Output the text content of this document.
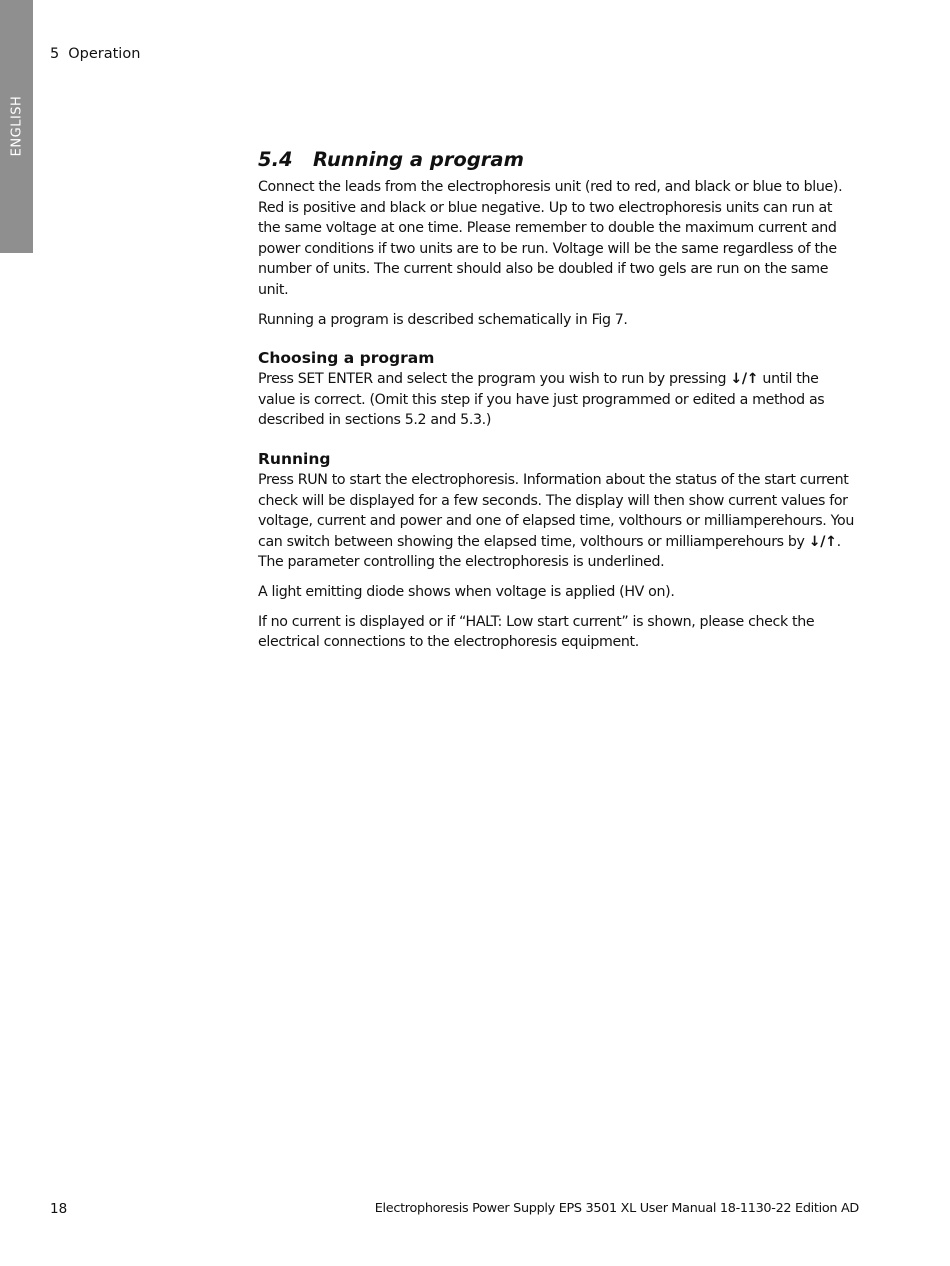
ENGLISH
5 Operation
5.4 Running a program

Connect the leads from the electrophoresis unit (red to red, and black or blue to blue). Red is positive and black or blue negative. Up to two electrophoresis units can run at the same voltage at one time. Please remember to double the maximum current and power conditions if two units are to be run. Voltage will be the same regardless of the number of units. The current should also be doubled if two gels are run on the same unit.

Running a program is described schematically in Fig 7.

Choosing a program

Press SET ENTER and select the program you wish to run by pressing ↓/↑ until the value is correct. (Omit this step if you have just programmed or edited a method as described in sections 5.2 and 5.3.)

Running

Press RUN to start the electrophoresis. Information about the status of the start current check will be displayed for a few seconds. The display will then show current values for voltage, current and power and one of elapsed time, volthours or milliamperehours. You can switch between showing the elapsed time, volthours or milliamperehours by ↓/↑. The parameter controlling the electrophoresis is underlined.

A light emitting diode shows when voltage is applied (HV on).

If no current is displayed or if “HALT: Low start current” is shown, please check the electrical connections to the electrophoresis equipment.

18	Electrophoresis Power Supply EPS 3501 XL User Manual 18-1130-22 Edition AD
